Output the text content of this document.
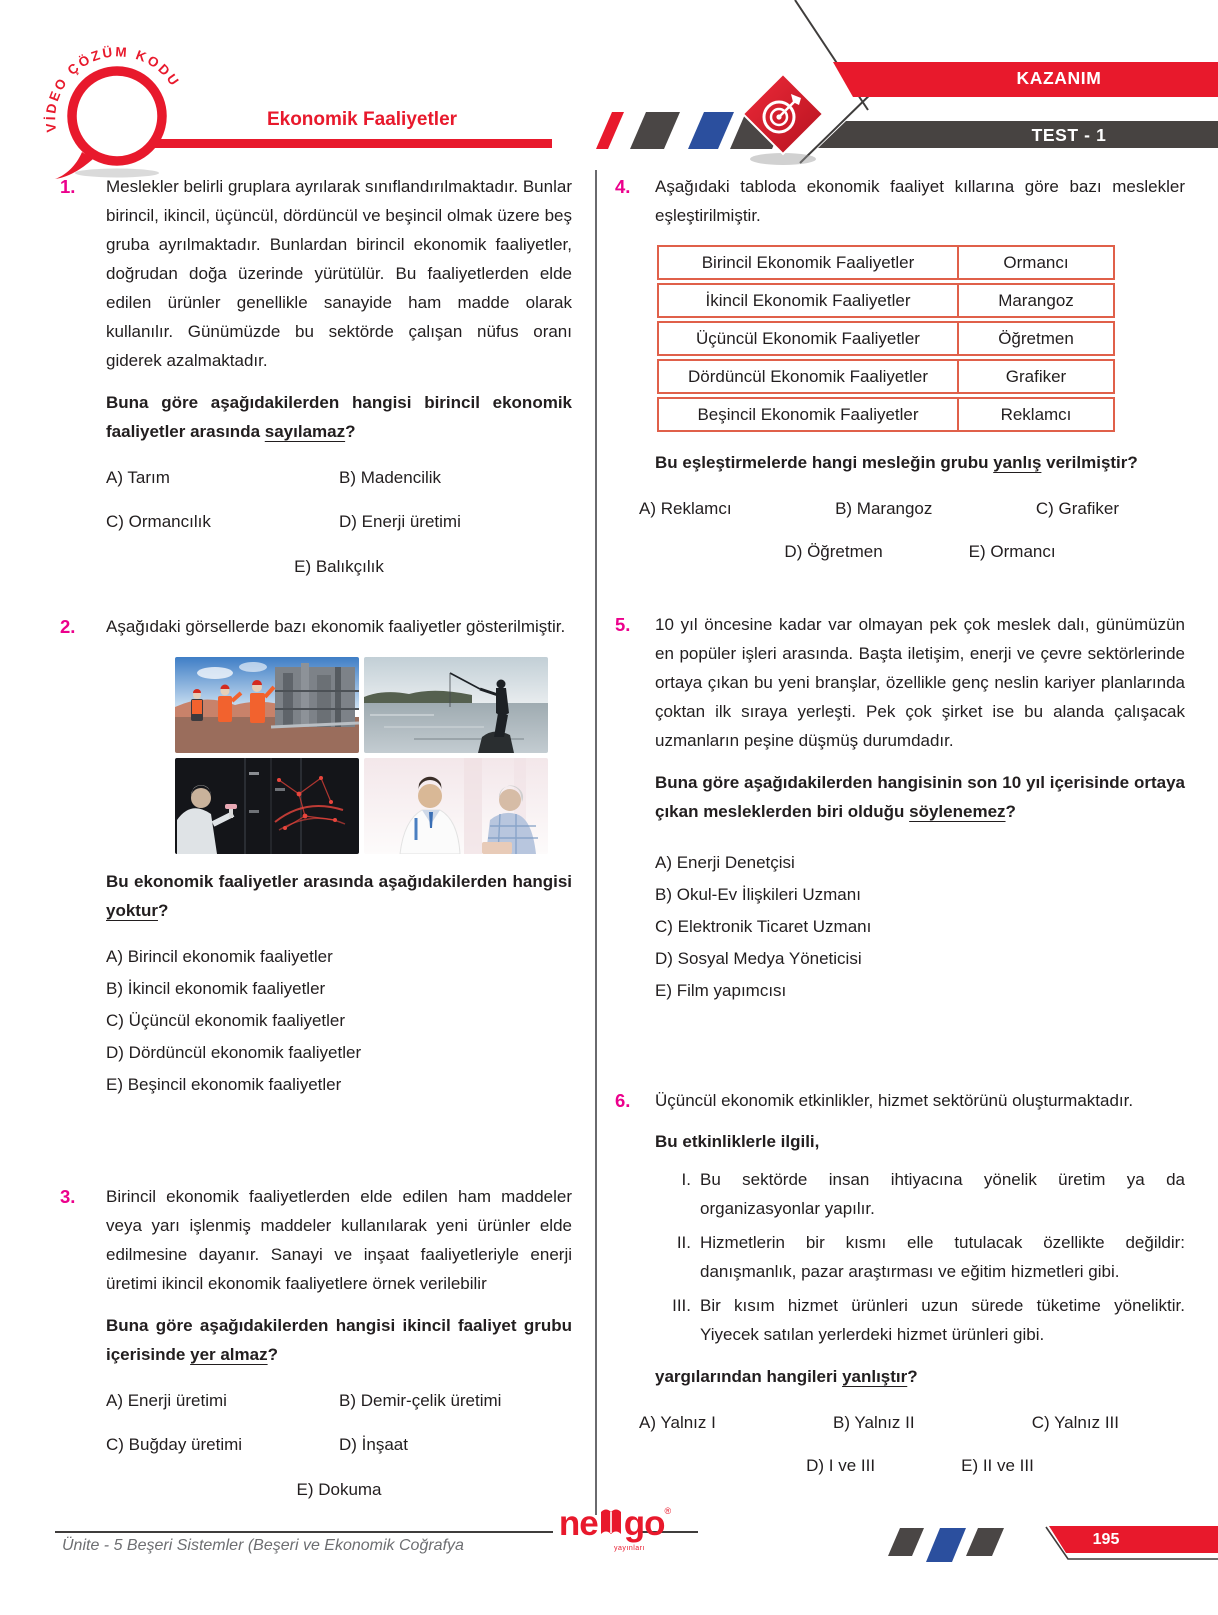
VİDEO ÇÖZÜM KODU
Ekonomik Faaliyetler
KAZANIM
TEST - 1
1.	Meslekler belirli gruplara ayrılarak sınıflandırılmaktadır. Bunlar birincil, ikincil, üçüncül, dördüncül ve beşincil olmak üzere beş gruba ayrılmaktadır. Bunlardan birincil ekonomik faaliyetler, doğrudan doğa üzerinde yürütülür. Bu faaliyetlerden elde edilen ürünler genellikle sanayide ham madde olarak kullanılır. Günümüzde bu sektörde çalışan nüfus oranı giderek azalmaktadır.

Buna göre aşağıdakilerden hangisi birincil ekonomik faaliyetler arasında sayılamaz?

A) Tarım	B) Madencilik
C) Ormancılık	D) Enerji üretimi
E) Balıkçılık
2.	Aşağıdaki görsellerde bazı ekonomik faaliyetler gösterilmiştir.

Bu ekonomik faaliyetler arasında aşağıdakilerden hangisi yoktur?

A) Birincil ekonomik faaliyetler
B) İkincil ekonomik faaliyetler
C) Üçüncül ekonomik faaliyetler
D) Dördüncül ekonomik faaliyetler
E) Beşincil ekonomik faaliyetler
3.	Birincil ekonomik faaliyetlerden elde edilen ham maddeler veya yarı işlenmiş maddeler kullanılarak yeni ürünler elde edilmesine dayanır. Sanayi ve inşaat faaliyetleriyle enerji üretimi ikincil ekonomik faaliyetlere örnek verilebilir

Buna göre aşağıdakilerden hangisi ikincil faaliyet grubu içerisinde yer almaz?

A) Enerji üretimi	B) Demir-çelik üretimi
C) Buğday üretimi	D) İnşaat
E) Dokuma
4.	Aşağıdaki tabloda ekonomik faaliyet kıllarına göre bazı meslekler eşleştirilmiştir.

Birincil Ekonomik Faaliyetler	Ormancı
İkincil Ekonomik Faaliyetler	Marangoz
Üçüncül Ekonomik Faaliyetler	Öğretmen
Dördüncül Ekonomik Faaliyetler	Grafiker
Beşincil Ekonomik Faaliyetler	Reklamcı

Bu eşleştirmelerde hangi mesleğin grubu yanlış verilmiştir?

A) Reklamcı	B) Marangoz	C) Grafiker
D) Öğretmen	E) Ormancı
5.	10 yıl öncesine kadar var olmayan pek çok meslek dalı, günümüzün en popüler işleri arasında. Başta iletişim, enerji ve çevre sektörlerinde ortaya çıkan bu yeni branşlar, özellikle genç neslin kariyer planlarında çoktan ilk sıraya yerleşti. Pek çok şirket ise bu alanda çalışacak uzmanların peşine düşmüş durumdadır.

Buna göre aşağıdakilerden hangisinin son 10 yıl içerisinde ortaya çıkan mesleklerden biri olduğu söylenemez?

A) Enerji Denetçisi
B) Okul-Ev İlişkileri Uzmanı
C) Elektronik Ticaret Uzmanı
D) Sosyal Medya Yöneticisi
E) Film yapımcısı
6.	Üçüncül ekonomik etkinlikler, hizmet sektörünü oluşturmaktadır.

Bu etkinliklerle ilgili,

I. Bu sektörde insan ihtiyacına yönelik üretim ya da organizasyonlar yapılır.
II. Hizmetlerin bir kısmı elle tutulacak özellikte değildir: danışmanlık, pazar araştırması ve eğitim hizmetleri gibi.
III. Bir kısım hizmet ürünleri uzun sürede tüketime yöneliktir. Yiyecek satılan yerlerdeki hizmet ürünleri gibi.

yargılarından hangileri yanlıştır?

A) Yalnız I	B) Yalnız II	C) Yalnız III
D) I ve III	E) II ve III
Ünite - 5 Beşeri Sistemler (Beşeri ve Ekonomik Coğrafya
ne go ®
yayınları
195
